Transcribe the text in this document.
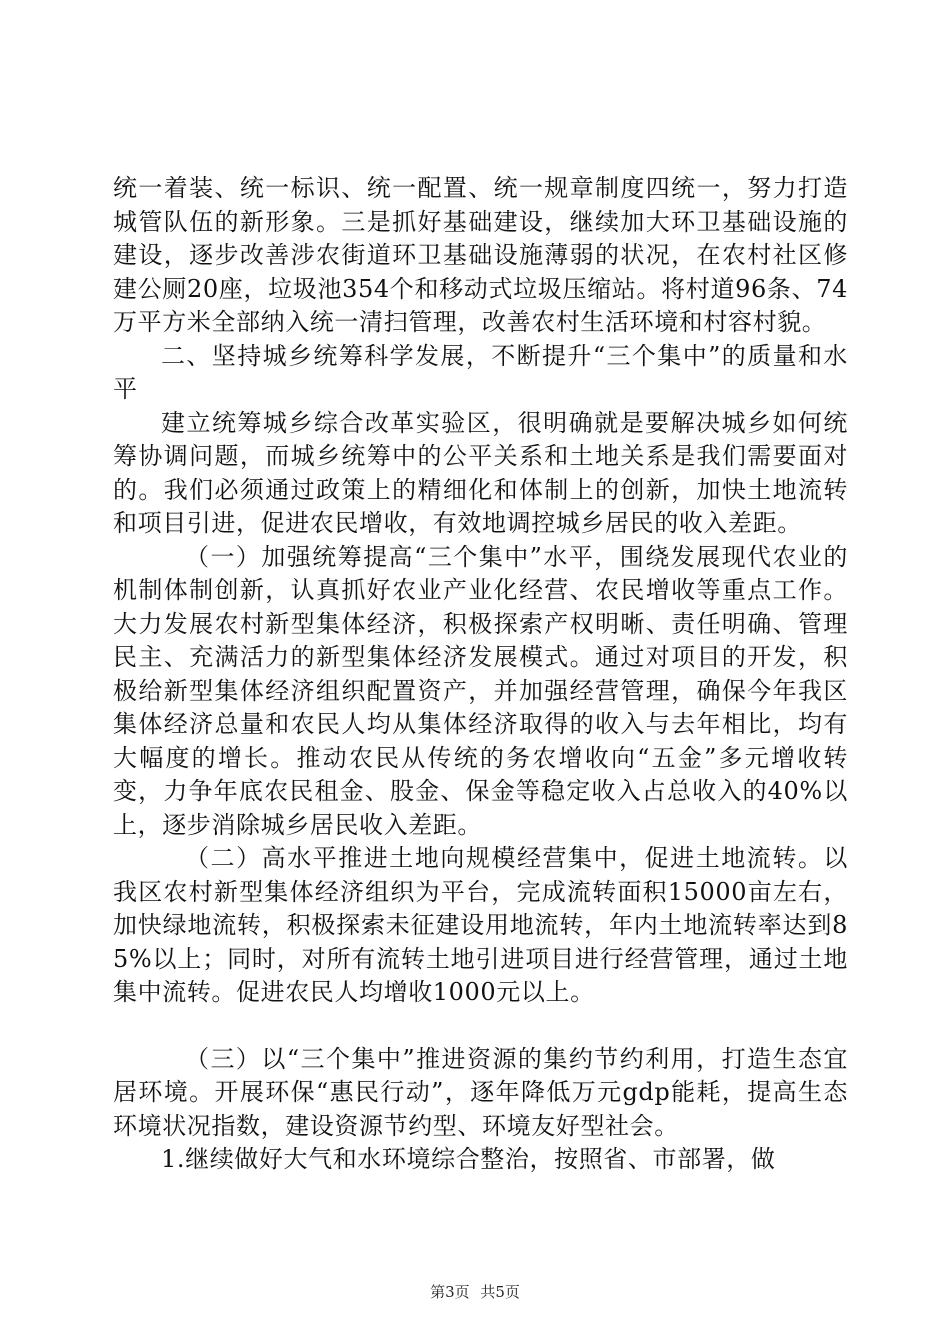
统一着装、统一标识、统一配置、统一规章制度四统一，努力打造城管队伍的新形象。三是抓好基础建设，继续加大环卫基础设施的建设，逐步改善涉农街道环卫基础设施薄弱的状况，在农村社区修建公厕20座，垃圾池354个和移动式垃圾压缩站。将村道96条、74万平方米全部纳入统一清扫管理，改善农村生活环境和村容村貌。

二、坚持城乡统筹科学发展，不断提升“三个集中”的质量和水平

建立统筹城乡综合改革实验区，很明确就是要解决城乡如何统筹协调问题，而城乡统筹中的公平关系和土地关系是我们需要面对的。我们必须通过政策上的精细化和体制上的创新，加快土地流转和项目引进，促进农民增收，有效地调控城乡居民的收入差距。

（一）加强统筹提高“三个集中”水平，围绕发展现代农业的机制体制创新，认真抓好农业产业化经营、农民增收等重点工作。大力发展农村新型集体经济，积极探索产权明晰、责任明确、管理民主、充满活力的新型集体经济发展模式。通过对项目的开发，积极给新型集体经济组织配置资产，并加强经营管理，确保今年我区集体经济总量和农民人均从集体经济取得的收入与去年相比，均有大幅度的增长。推动农民从传统的务农增收向“五金”多元增收转变，力争年底农民租金、股金、保金等稳定收入占总收入的40%以上，逐步消除城乡居民收入差距。

（二）高水平推进土地向规模经营集中，促进土地流转。以我区农村新型集体经济组织为平台，完成流转面积15000亩左右，加快绿地流转，积极探索未征建设用地流转，年内土地流转率达到85%以上；同时，对所有流转土地引进项目进行经营管理，通过土地集中流转。促进农民人均增收1000元以上。

（三）以“三个集中”推进资源的集约节约利用，打造生态宜居环境。开展环保“惠民行动”，逐年降低万元gdp能耗，提高生态环境状况指数，建设资源节约型、环境友好型社会。

1.继续做好大气和水环境综合整治，按照省、市部署，做

第3页 共5页
